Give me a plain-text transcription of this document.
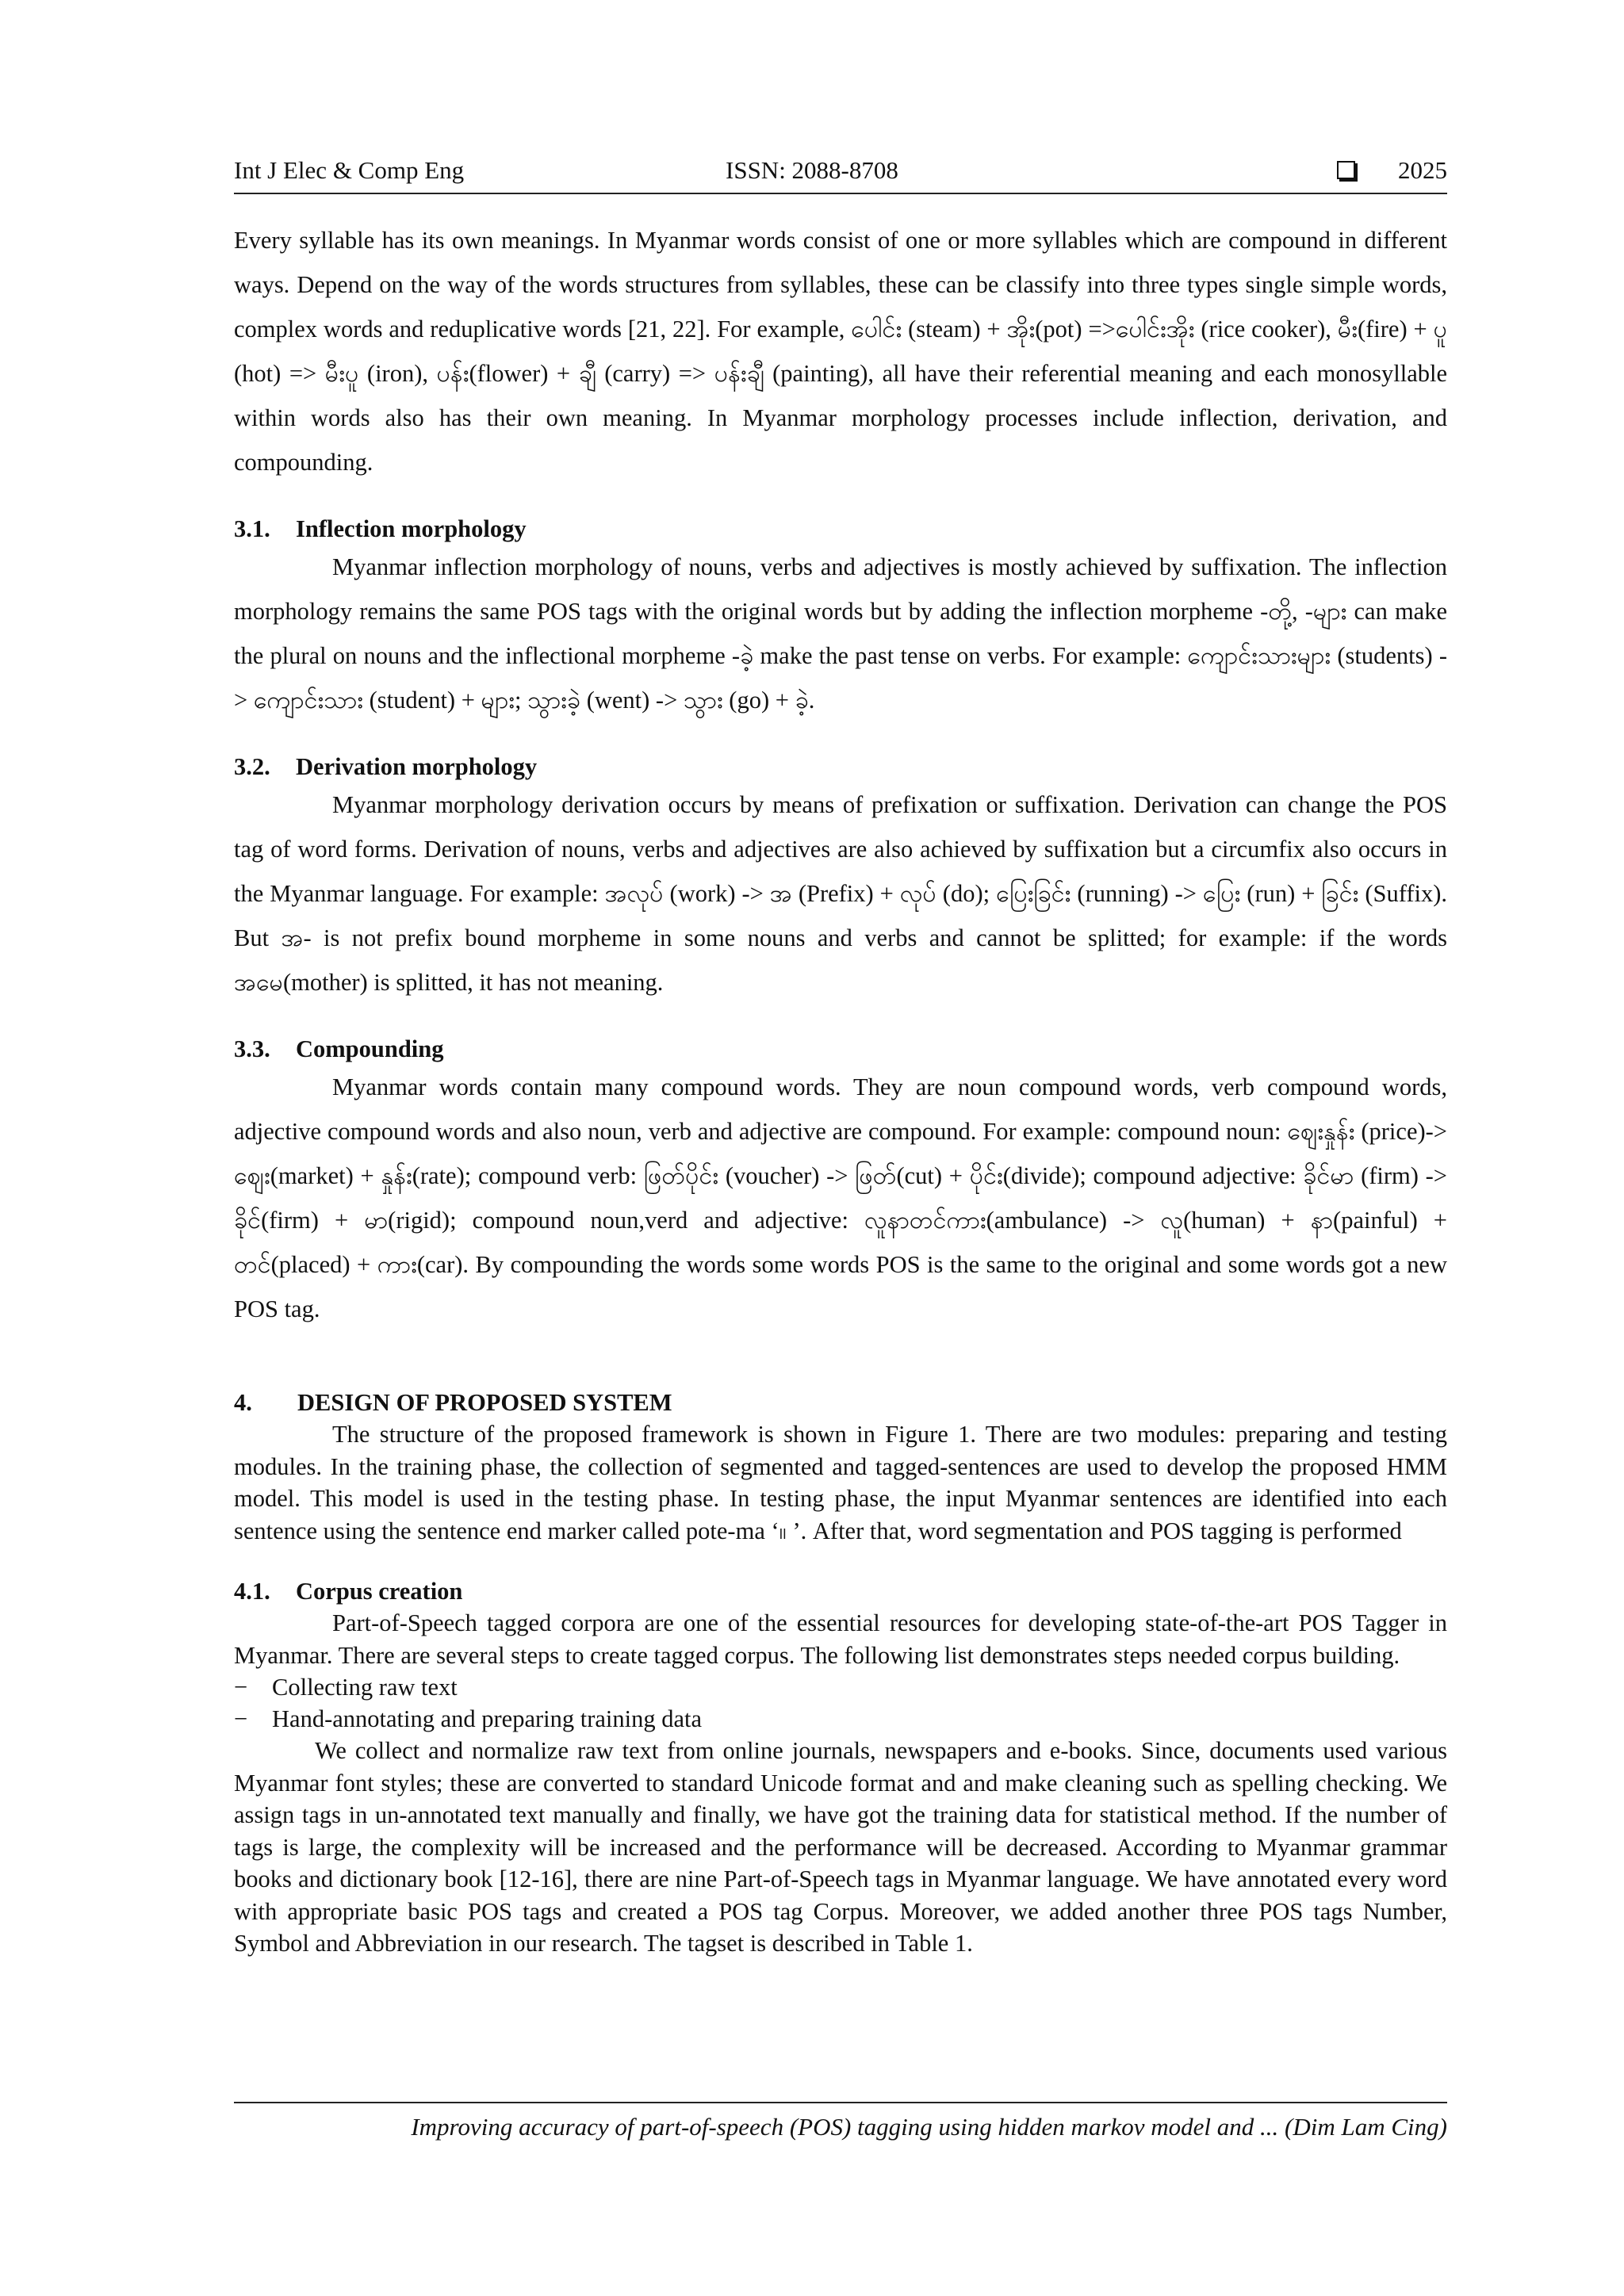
Int J Elec & Comp Eng	ISSN: 2088-8708	2025

Every syllable has its own meanings. In Myanmar words consist of one or more syllables which are compound in different ways. Depend on the way of the words structures from syllables, these can be classify into three types single simple words, complex words and reduplicative words [21, 22]. For example, ပေါင်း (steam) + အိုး(pot) =>ပေါင်းအိုး (rice cooker), မီး(fire) + ပူ (hot) => မီးပူ (iron), ပန်း(flower) + ချီ (carry) => ပန်းချီ (painting), all have their referential meaning and each monosyllable within words also has their own meaning. In Myanmar morphology processes include inflection, derivation, and compounding.

3.1. Inflection morphology

Myanmar inflection morphology of nouns, verbs and adjectives is mostly achieved by suffixation. The inflection morphology remains the same POS tags with the original words but by adding the inflection morpheme -တို့, -များ can make the plural on nouns and the inflectional morpheme -ခဲ့ make the past tense on verbs. For example: ကျောင်းသားများ (students) -> ကျောင်းသား (student) + များ; သွားခဲ့ (went) -> သွား (go) + ခဲ့.

3.2. Derivation morphology

Myanmar morphology derivation occurs by means of prefixation or suffixation. Derivation can change the POS tag of word forms. Derivation of nouns, verbs and adjectives are also achieved by suffixation but a circumfix also occurs in the Myanmar language. For example: အလုပ် (work) -> အ (Prefix) + လုပ် (do); ပြေးခြင်း (running) -> ပြေး (run) + ခြင်း (Suffix). But အ- is not prefix bound morpheme in some nouns and verbs and cannot be splitted; for example: if the words အမေ(mother) is splitted, it has not meaning.

3.3. Compounding

Myanmar words contain many compound words. They are noun compound words, verb compound words, adjective compound words and also noun, verb and adjective are compound. For example: compound noun: ဈေးနှုန်း (price)-> ဈေး(market) + နှုန်း(rate); compound verb: ဖြတ်ပိုင်း (voucher) -> ဖြတ်(cut) + ပိုင်း(divide); compound adjective: ခိုင်မာ (firm) -> ခိုင်(firm) + မာ(rigid); compound noun,verd and adjective: လူနာတင်ကား(ambulance) -> လူ(human) + နာ(painful) + တင်(placed) + ကား(car). By compounding the words some words POS is the same to the original and some words got a new POS tag.

4. DESIGN OF PROPOSED SYSTEM

The structure of the proposed framework is shown in Figure 1. There are two modules: preparing and testing modules. In the training phase, the collection of segmented and tagged-sentences are used to develop the proposed HMM model. This model is used in the testing phase. In testing phase, the input Myanmar sentences are identified into each sentence using the sentence end marker called pote-ma ‘။ ’. After that, word segmentation and POS tagging is performed

4.1. Corpus creation

Part-of-Speech tagged corpora are one of the essential resources for developing state-of-the-art POS Tagger in Myanmar. There are several steps to create tagged corpus. The following list demonstrates steps needed corpus building.

− Collecting raw text
− Hand-annotating and preparing training data

We collect and normalize raw text from online journals, newspapers and e-books. Since, documents used various Myanmar font styles; these are converted to standard Unicode format and and make cleaning such as spelling checking. We assign tags in un-annotated text manually and finally, we have got the training data for statistical method. If the number of tags is large, the complexity will be increased and the performance will be decreased. According to Myanmar grammar books and dictionary book [12-16], there are nine Part-of-Speech tags in Myanmar language. We have annotated every word with appropriate basic POS tags and created a POS tag Corpus. Moreover, we added another three POS tags Number, Symbol and Abbreviation in our research. The tagset is described in Table 1.

Improving accuracy of part-of-speech (POS) tagging using hidden markov model and ... (Dim Lam Cing)
